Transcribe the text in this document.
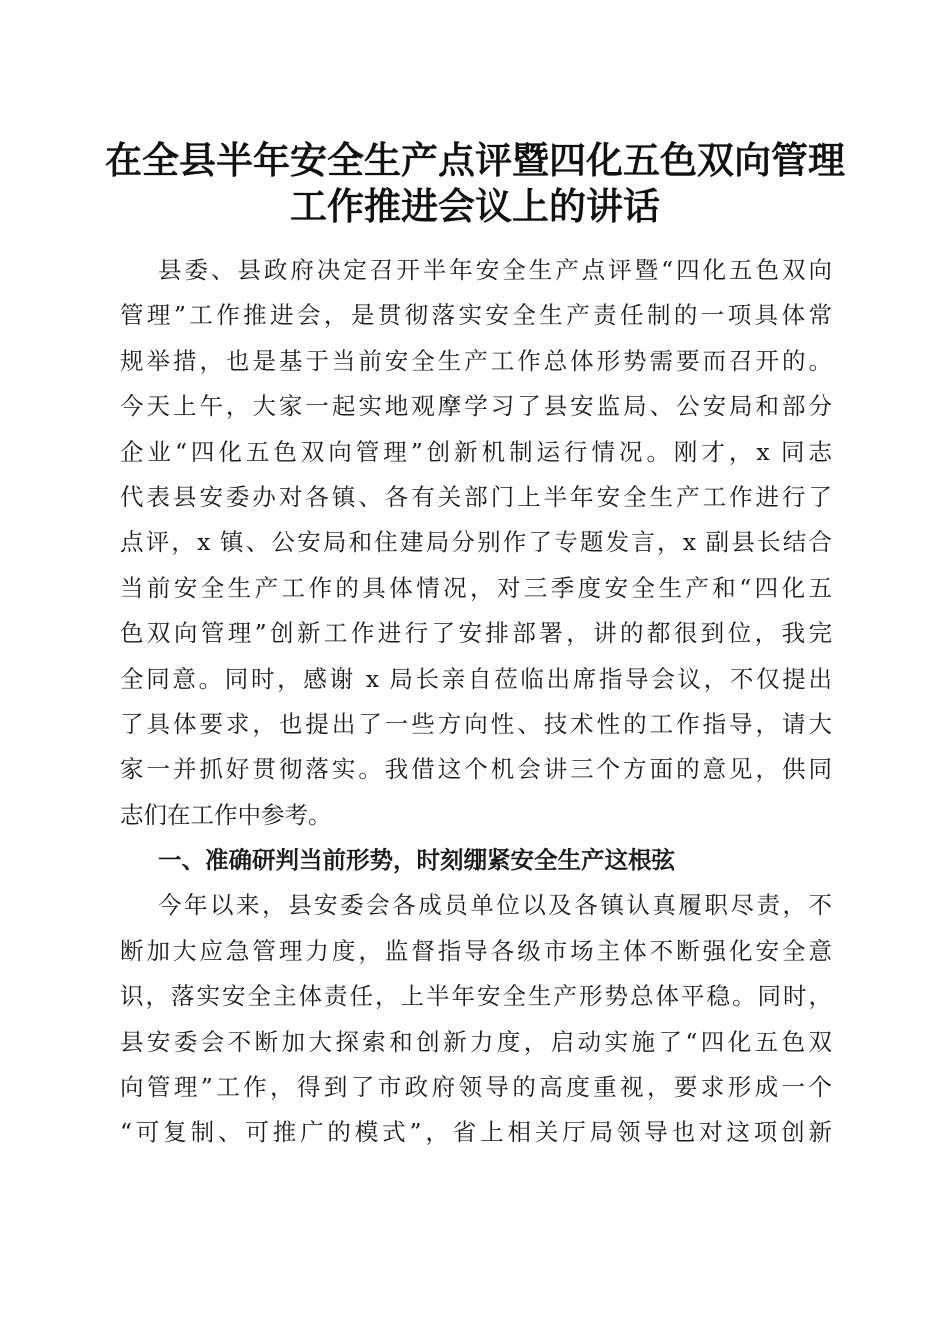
在全县半年安全生产点评暨四化五色双向管理
工作推进会议上的讲话
县委、县政府决定召开半年安全生产点评暨“四化五色双向
管理”工作推进会，是贯彻落实安全生产责任制的一项具体常
规举措，也是基于当前安全生产工作总体形势需要而召开的。
今天上午，大家一起实地观摩学习了县安监局、公安局和部分
企业“四化五色双向管理”创新机制运行情况。刚才，x 同志
代表县安委办对各镇、各有关部门上半年安全生产工作进行了
点评，x 镇、公安局和住建局分别作了专题发言，x 副县长结合
当前安全生产工作的具体情况，对三季度安全生产和“四化五
色双向管理”创新工作进行了安排部署，讲的都很到位，我完
全同意。同时，感谢 x 局长亲自莅临出席指导会议，不仅提出
了具体要求，也提出了一些方向性、技术性的工作指导，请大
家一并抓好贯彻落实。我借这个机会讲三个方面的意见，供同
志们在工作中参考。
一、准确研判当前形势，时刻绷紧安全生产这根弦
今年以来，县安委会各成员单位以及各镇认真履职尽责，不
断加大应急管理力度，监督指导各级市场主体不断强化安全意
识，落实安全主体责任，上半年安全生产形势总体平稳。同时，
县安委会不断加大探索和创新力度，启动实施了“四化五色双
向管理”工作，得到了市政府领导的高度重视，要求形成一个
“可复制、可推广的模式”，省上相关厅局领导也对这项创新
